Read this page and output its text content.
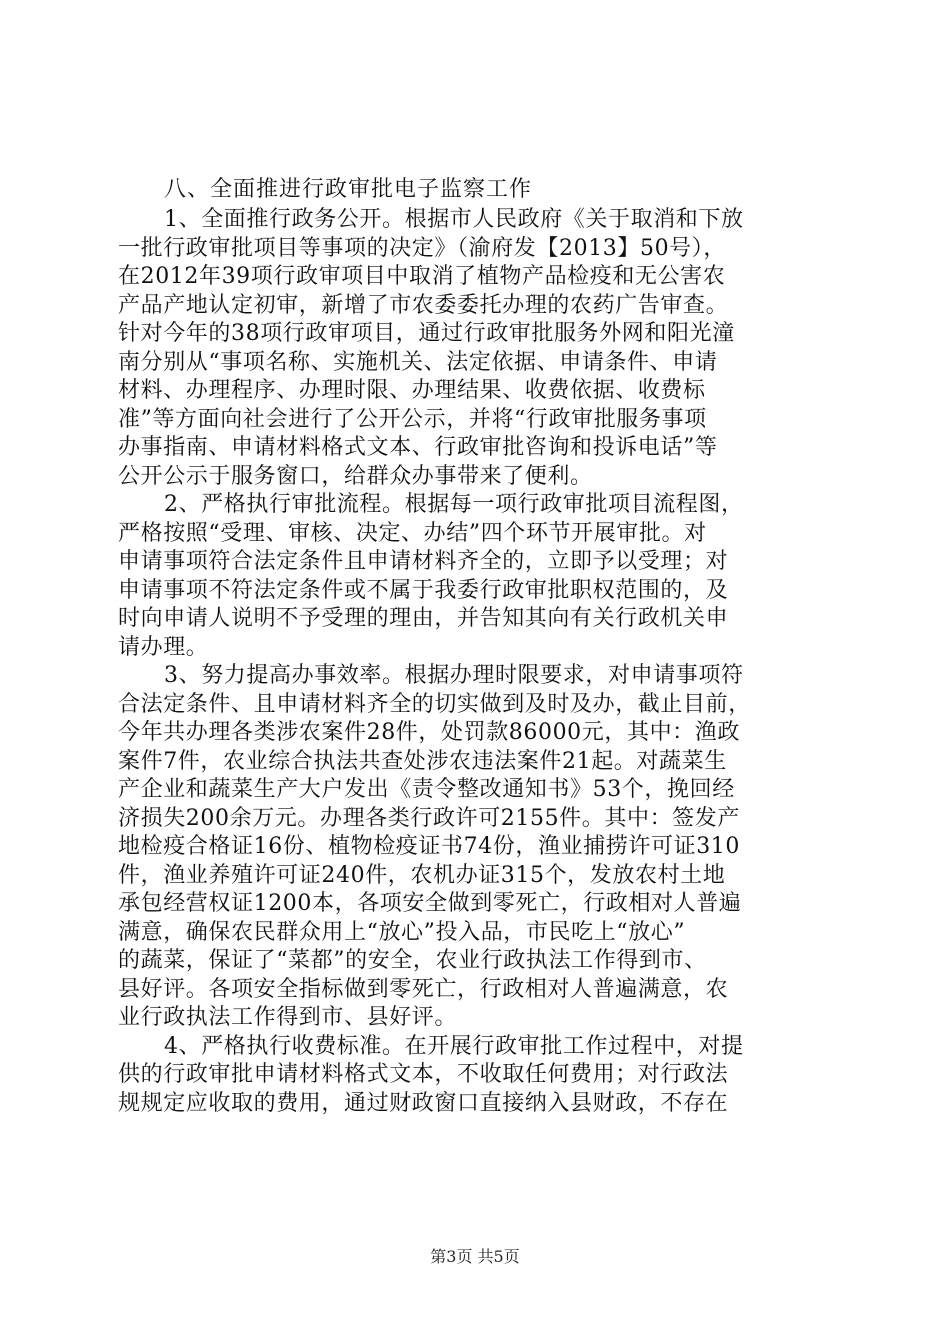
八、全面推进行政审批电子监察工作

1、全面推行政务公开。根据市人民政府《关于取消和下放

一批行政审批项目等事项的决定》（渝府发【2013】50号），

在2012年39项行政审项目中取消了植物产品检疫和无公害农

产品产地认定初审，新增了市农委委托办理的农药广告审查。

针对今年的38项行政审项目，通过行政审批服务外网和阳光潼

南分别从“事项名称、实施机关、法定依据、申请条件、申请

材料、办理程序、办理时限、办理结果、收费依据、收费标

准”等方面向社会进行了公开公示，并将“行政审批服务事项

办事指南、申请材料格式文本、行政审批咨询和投诉电话”等

公开公示于服务窗口，给群众办事带来了便利。

2、严格执行审批流程。根据每一项行政审批项目流程图，

严格按照“受理、审核、决定、办结”四个环节开展审批。对

申请事项符合法定条件且申请材料齐全的，立即予以受理；对

申请事项不符法定条件或不属于我委行政审批职权范围的，及

时向申请人说明不予受理的理由，并告知其向有关行政机关申

请办理。

3、努力提高办事效率。根据办理时限要求，对申请事项符

合法定条件、且申请材料齐全的切实做到及时及办，截止目前，

今年共办理各类涉农案件28件，处罚款86000元，其中：渔政

案件7件，农业综合执法共查处涉农违法案件21起。对蔬菜生

产企业和蔬菜生产大户发出《责令整改通知书》53个，挽回经

济损失200余万元。办理各类行政许可2155件。其中：签发产

地检疫合格证16份、植物检疫证书74份，渔业捕捞许可证310

件，渔业养殖许可证240件，农机办证315个，发放农村土地

承包经营权证1200本，各项安全做到零死亡，行政相对人普遍

满意，确保农民群众用上“放心”投入品，市民吃上“放心”

的蔬菜，保证了“菜都”的安全，农业行政执法工作得到市、

县好评。各项安全指标做到零死亡，行政相对人普遍满意，农

业行政执法工作得到市、县好评。

4、严格执行收费标准。在开展行政审批工作过程中，对提

供的行政审批申请材料格式文本，不收取任何费用；对行政法

规规定应收取的费用，通过财政窗口直接纳入县财政，不存在

第3页 共5页
